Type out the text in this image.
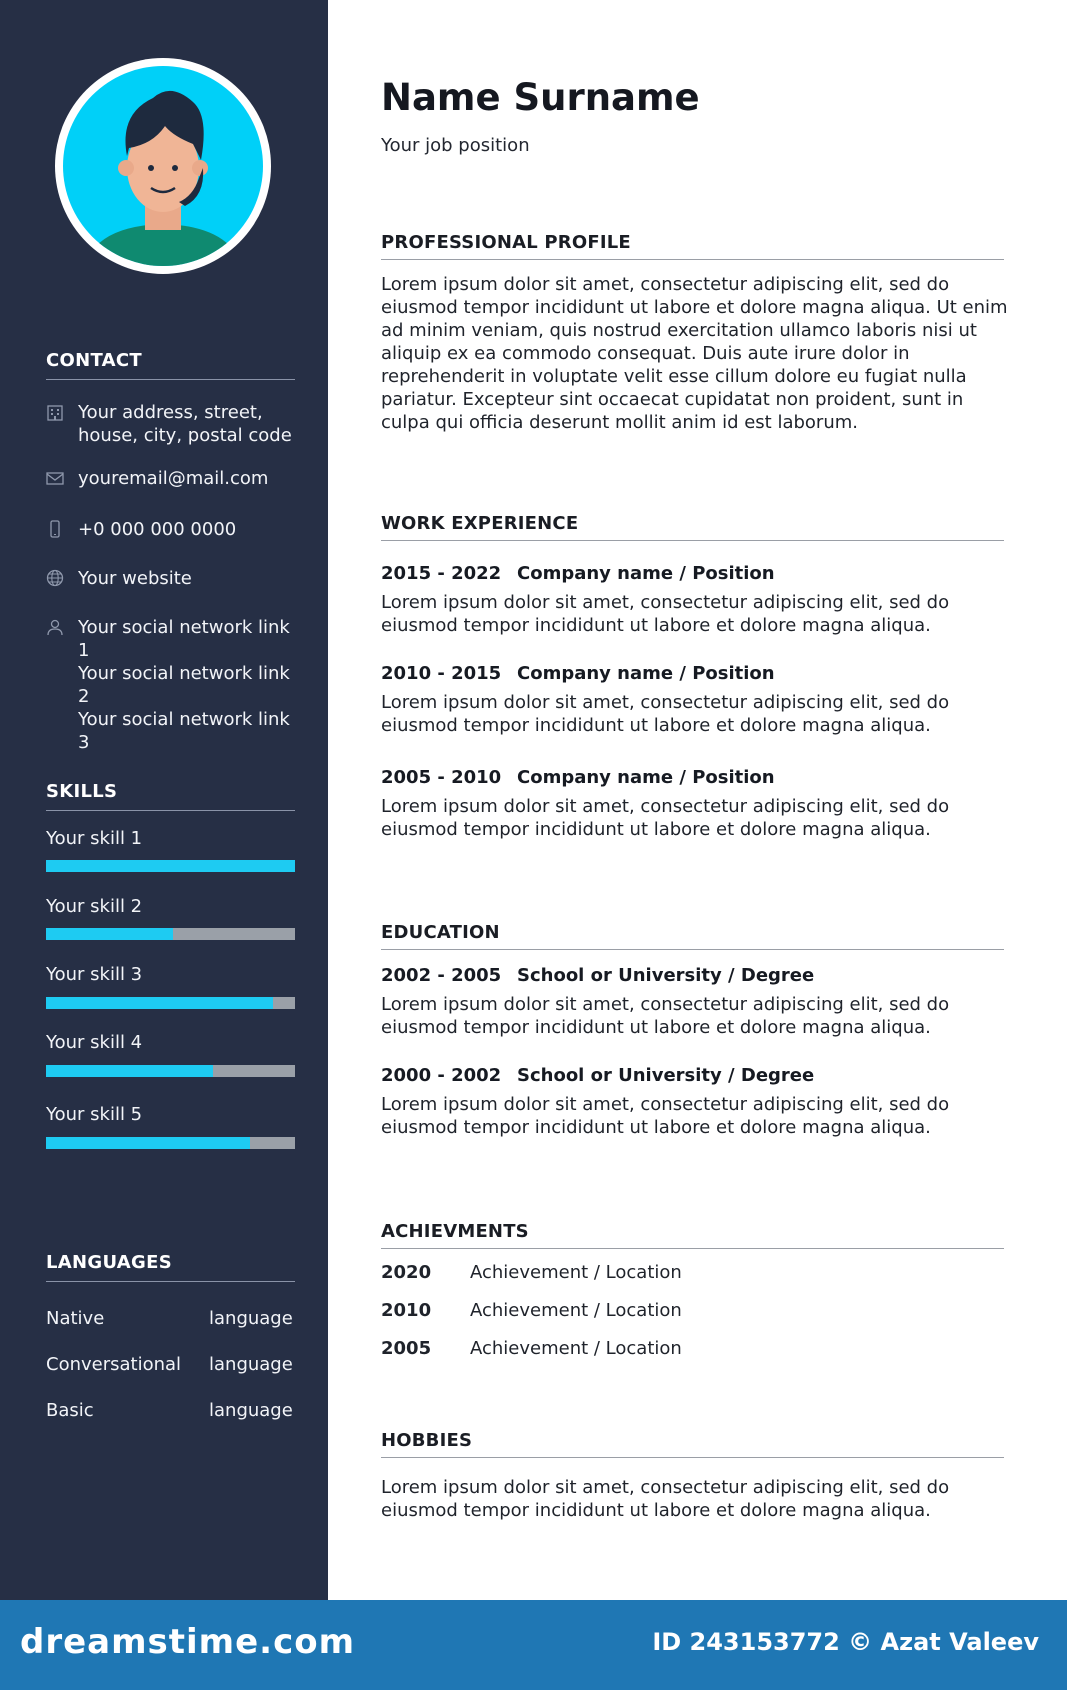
CONTACT
Your address, street,
house, city, postal code
youremail@mail.com
+0 000 000 0000
Your website
Your social network link 1
Your social network link 2
Your social network link 3
SKILLS
Your skill 1
Your skill 2
Your skill 3
Your skill 4
Your skill 5
LANGUAGES
Native	language
Conversational language
Basic	language
Name Surname
Your job position
PROFESSIONAL PROFILE
Lorem ipsum dolor sit amet, consectetur adipiscing elit, sed do
eiusmod tempor incididunt ut labore et dolore magna aliqua. Ut enim
ad minim veniam, quis nostrud exercitation ullamco laboris nisi ut
aliquip ex ea commodo consequat. Duis aute irure dolor in
reprehenderit in voluptate velit esse cillum dolore eu fugiat nulla
pariatur. Excepteur sint occaecat cupidatat non proident, sunt in
culpa qui officia deserunt mollit anim id est laborum.
WORK EXPERIENCE
2015 - 2022 Company name / Position
Lorem ipsum dolor sit amet, consectetur adipiscing elit, sed do
eiusmod tempor incididunt ut labore et dolore magna aliqua.
2010 - 2015 Company name / Position
Lorem ipsum dolor sit amet, consectetur adipiscing elit, sed do
eiusmod tempor incididunt ut labore et dolore magna aliqua.
2005 - 2010 Company name / Position
Lorem ipsum dolor sit amet, consectetur adipiscing elit, sed do
eiusmod tempor incididunt ut labore et dolore magna aliqua.
EDUCATION
2002 - 2005 School or University / Degree
Lorem ipsum dolor sit amet, consectetur adipiscing elit, sed do
eiusmod tempor incididunt ut labore et dolore magna aliqua.
2000 - 2002 School or University / Degree
Lorem ipsum dolor sit amet, consectetur adipiscing elit, sed do
eiusmod tempor incididunt ut labore et dolore magna aliqua.
ACHIEVMENTS
2020 Achievement / Location
2010 Achievement / Location
2005 Achievement / Location
HOBBIES
Lorem ipsum dolor sit amet, consectetur adipiscing elit, sed do
eiusmod tempor incididunt ut labore et dolore magna aliqua.
dreamstime.com	ID 243153772 © Azat Valeev
